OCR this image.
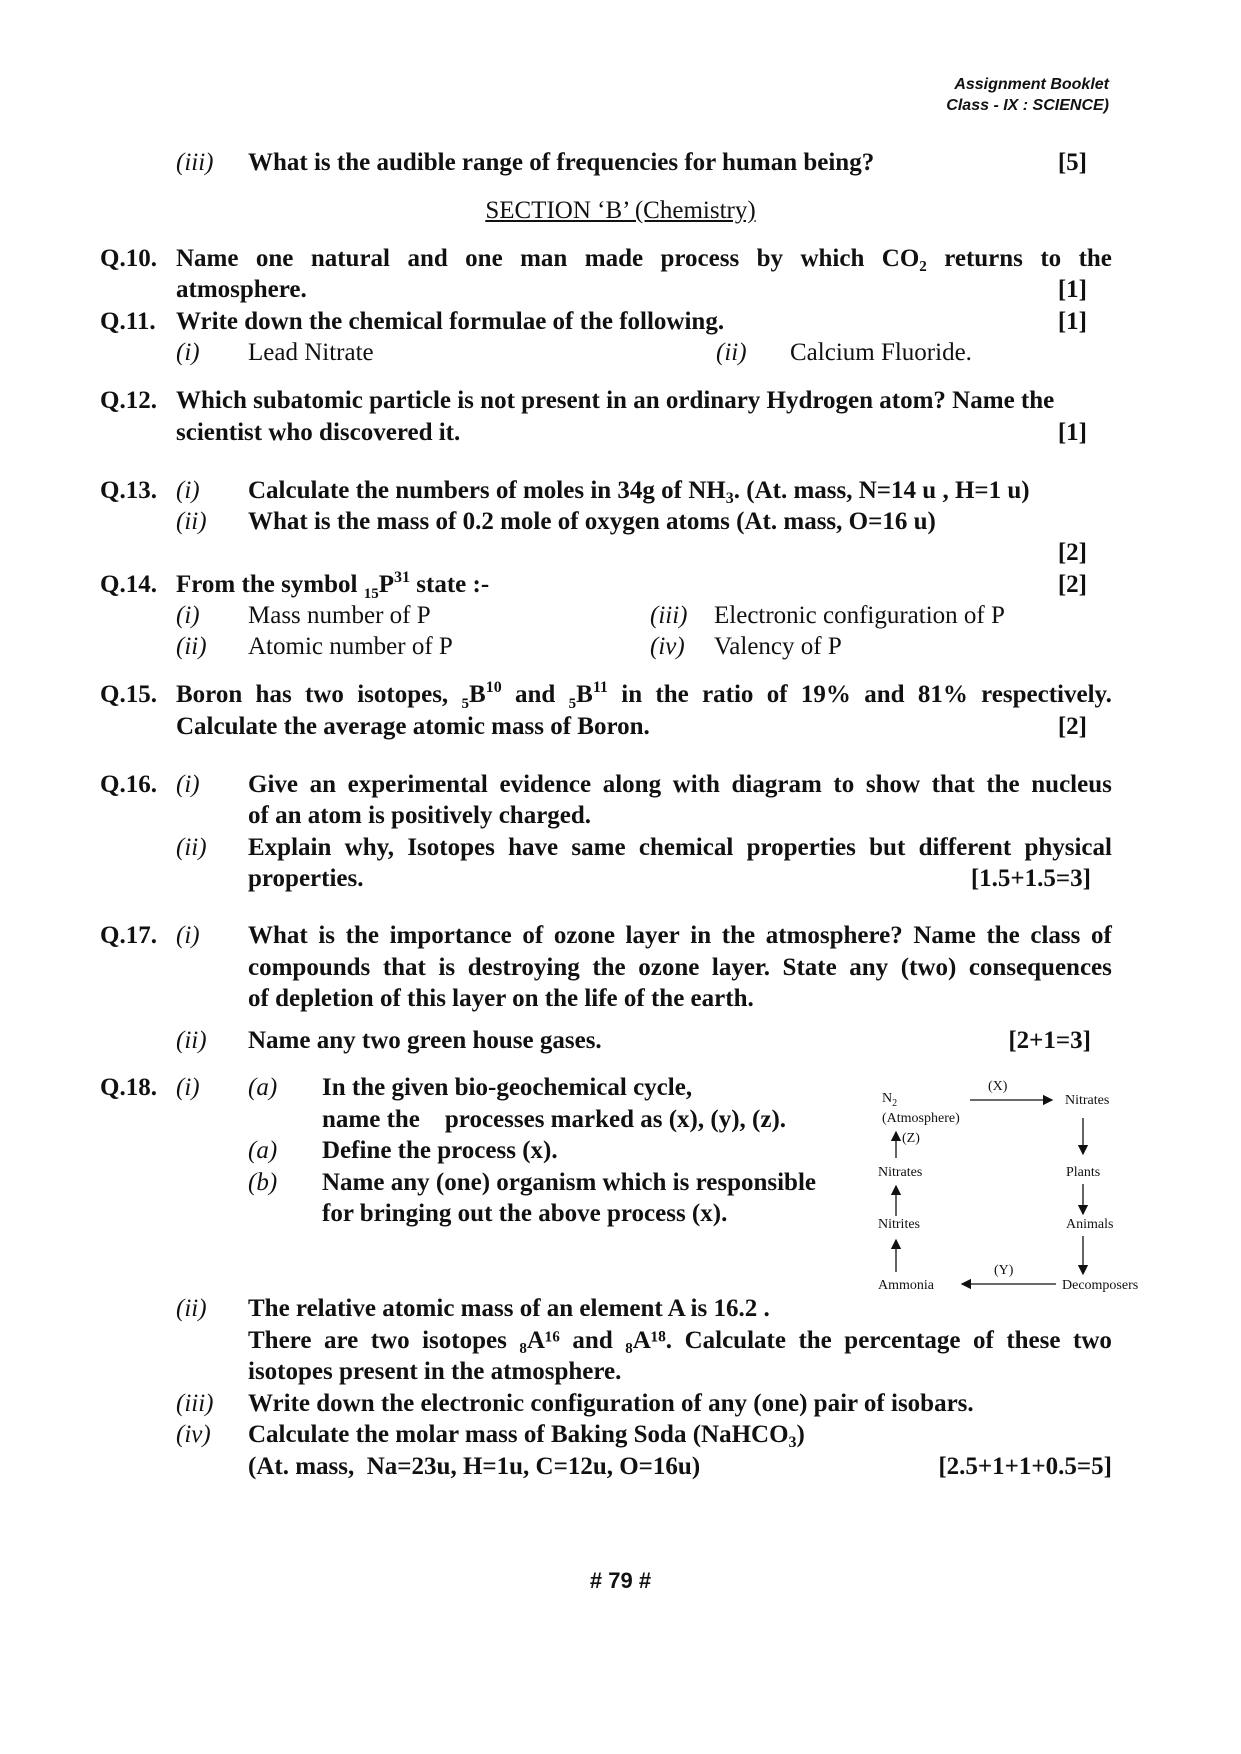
Assignment Booklet
Class - IX : SCIENCE)
(iii) What is the audible range of frequencies for human being?	[5]
SECTION ‘B’ (Chemistry)
Q.10. Name one natural and one man made process by which CO₂ returns to the
atmosphere.	[1]
Q.11. Write down the chemical formulae of the following.	[1]
(i) Lead Nitrate	(ii) Calcium Fluoride.
Q.12. Which subatomic particle is not present in an ordinary Hydrogen atom? Name the
scientist who discovered it.	[1]
Q.13. (i) Calculate the numbers of moles in 34g of $NH_3$. (At. mass, N=14 u , H=1 u)
(ii) What is the mass of 0.2 mole of oxygen atoms (At. mass, O=16 u)
[2]
Q.14. From the symbol $_{15}P^{31}$ state :-	[2]
(i) Mass number of P	(iii) Electronic configuration of P
(ii) Atomic number of P	(iv) Valency of P
Q.15. Boron has two isotopes, $_5B^{10}$ and $_5B^{11}$ in the ratio of 19% and 81% respectively.
Calculate the average atomic mass of Boron.	[2]
Q.16. (i) Give an experimental evidence along with diagram to show that the nucleus
of an atom is positively charged.
(ii) Explain why, Isotopes have same chemical properties but different physical
properties.	[1.5+1.5=3]
Q.17. (i) What is the importance of ozone layer in the atmosphere? Name the class of
compounds that is destroying the ozone layer. State any (two) consequences
of depletion of this layer on the life of the earth.
(ii) Name any two green house gases.	[2+1=3]
Q.18. (i) (a) In the given bio-geochemical cycle,
name the    processes marked as (x), (y), (z).
(a) Define the process (x).
(b) Name any (one) organism which is responsible
for bringing out the above process (x).
$N_2$
(Atmosphere)
(X)
Nitrates
(Z)
Nitrates	Plants
Nitrites	Animals
(Y)
Ammonia	Decomposers
(ii) The relative atomic mass of an element A is 16.2 .
There are two isotopes ₈A¹⁶ and ₈A¹⁸. Calculate the percentage of these two
isotopes present in the atmosphere.
(iii) Write down the electronic configuration of any (one) pair of isobars.
(iv) Calculate the molar mass of Baking Soda (NaHCO$_3$)
(At. mass,  Na=23u, H=1u, C=12u, O=16u)	[2.5+1+1+0.5=5]
# 79 #
